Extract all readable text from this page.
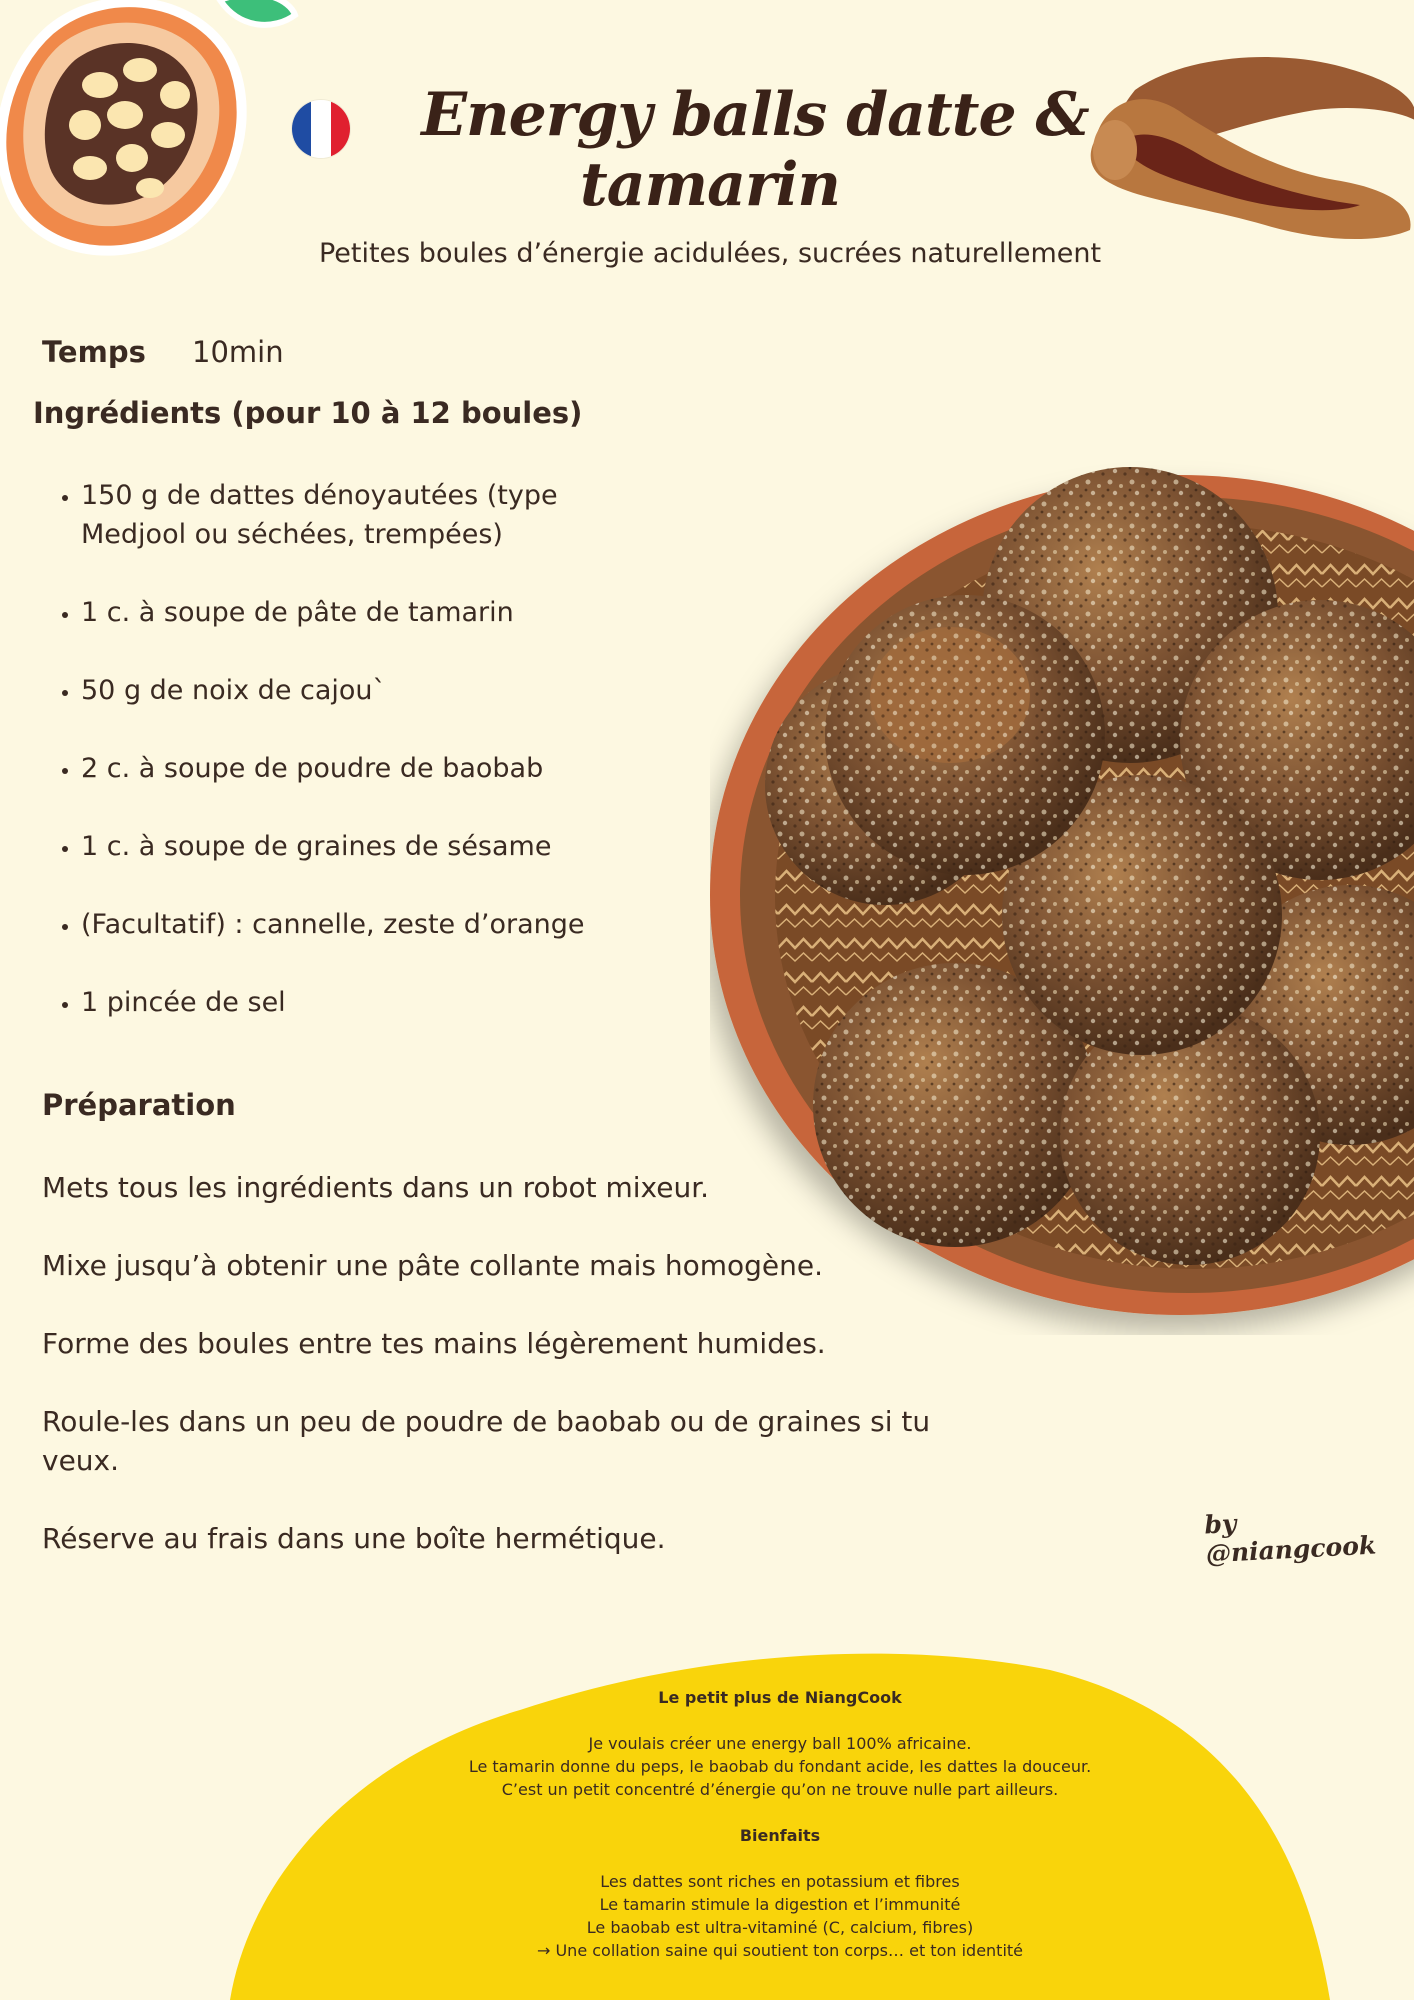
Energy balls datte &
tamarin
Petites boules d’énergie acidulées, sucrées naturellement
Temps 10min
Ingrédients (pour 10 à 12 boules)
• 150 g de dattes dénoyautées (type Medjool ou séchées, trempées)
• 1 c. à soupe de pâte de tamarin
• 50 g de noix de cajou`
• 2 c. à soupe de poudre de baobab
• 1 c. à soupe de graines de sésame
• (Facultatif) : cannelle, zeste d’orange
• 1 pincée de sel
Préparation
Mets tous les ingrédients dans un robot mixeur.
Mixe jusqu’à obtenir une pâte collante mais homogène.
Forme des boules entre tes mains légèrement humides.
Roule-les dans un peu de poudre de baobab ou de graines si tu veux.
Réserve au frais dans une boîte hermétique.	by @niangcook
Le petit plus de NiangCook
Je voulais créer une energy ball 100% africaine.
Le tamarin donne du peps, le baobab du fondant acide, les dattes la douceur.
C’est un petit concentré d’énergie qu’on ne trouve nulle part ailleurs.
Bienfaits
Les dattes sont riches en potassium et fibres
Le tamarin stimule la digestion et l’immunité
Le baobab est ultra-vitaminé (C, calcium, fibres)
→ Une collation saine qui soutient ton corps… et ton identité
